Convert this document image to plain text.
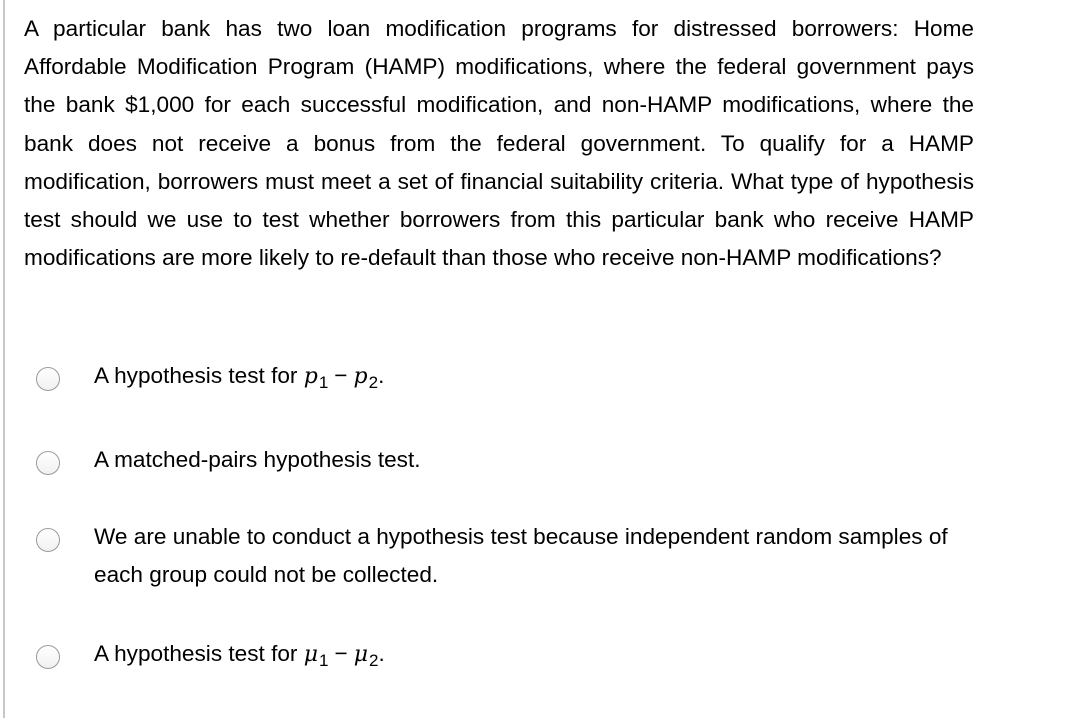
A particular bank has two loan modification programs for distressed borrowers: Home Affordable Modification Program (HAMP) modifications, where the federal government pays the bank $1,000 for each successful modification, and non-HAMP modifications, where the bank does not receive a bonus from the federal government. To qualify for a HAMP modification, borrowers must meet a set of financial suitability criteria. What type of hypothesis test should we use to test whether borrowers from this particular bank who receive HAMP modifications are more likely to re-default than those who receive non-HAMP modifications?

A hypothesis test for $p_1 - p_2$.
A matched-pairs hypothesis test.
We are unable to conduct a hypothesis test because independent random samples of each group could not be collected.
A hypothesis test for $\mu_1 - \mu_2$.
